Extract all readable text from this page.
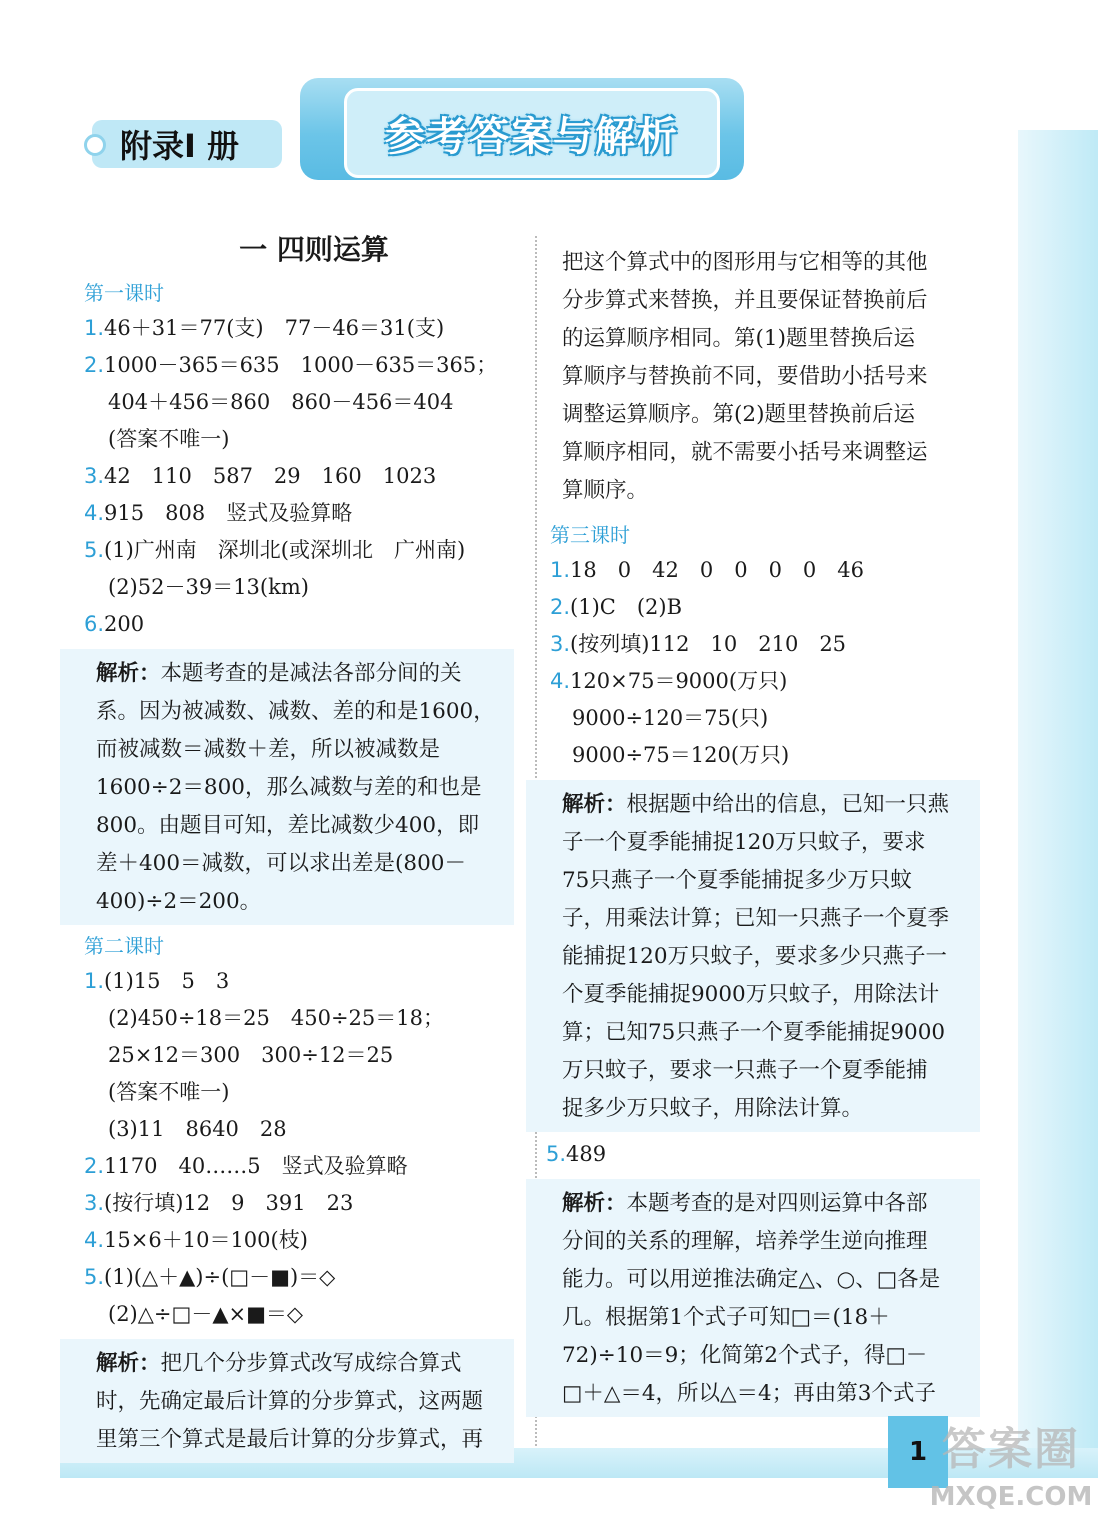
参考答案与解析
附录I 册
一 四则运算
第一课时
1.46＋31＝77(支)　77－46＝31(支)
2.1000－365＝635　1000－635＝365；
404＋456＝860　860－456＝404
(答案不唯一)
3.42　110　587　29　160　1023
4.915　808　竖式及验算略
5.(1)广州南　深圳北(或深圳北　广州南)
(2)52－39＝13(km)
6.200
解析：本题考查的是减法各部分间的关
系。因为被减数、减数、差的和是1600，
而被减数＝减数＋差，所以被减数是
1600÷2＝800，那么减数与差的和也是
800。由题目可知，差比减数少400，即
差＋400＝减数，可以求出差是(800－
400)÷2＝200。
第二课时
1.(1)15　5　3
(2)450÷18＝25　450÷25＝18；
25×12＝300　300÷12＝25
(答案不唯一)
(3)11　8640　28
2.1170　40……5　竖式及验算略
3.(按行填)12　9　391　23
4.15×6＋10＝100(枝)
5.(1)(△＋▲)÷(□－■)＝◇
(2)△÷□－▲×■＝◇
解析：把几个分步算式改写成综合算式
时，先确定最后计算的分步算式，这两题
里第三个算式是最后计算的分步算式，再
把这个算式中的图形用与它相等的其他
分步算式来替换，并且要保证替换前后
的运算顺序相同。第(1)题里替换后运
算顺序与替换前不同，要借助小括号来
调整运算顺序。第(2)题里替换前后运
算顺序相同，就不需要小括号来调整运
算顺序。
第三课时
1.18　0　42　0　0　0　0　46
2.(1)C　(2)B
3.(按列填)112　10　210　25
4.120×75＝9000(万只)
9000÷120＝75(只)
9000÷75＝120(万只)
解析：根据题中给出的信息，已知一只燕
子一个夏季能捕捉120万只蚊子，要求
75只燕子一个夏季能捕捉多少万只蚊
子，用乘法计算；已知一只燕子一个夏季
能捕捉120万只蚊子，要求多少只燕子一
个夏季能捕捉9000万只蚊子，用除法计
算；已知75只燕子一个夏季能捕捉9000
万只蚊子，要求一只燕子一个夏季能捕
捉多少万只蚊子，用除法计算。
5.489
解析：本题考查的是对四则运算中各部
分间的关系的理解，培养学生逆向推理
能力。可以用逆推法确定△、○、□各是
几。根据第1个式子可知□＝(18＋
72)÷10＝9；化简第2个式子，得□－
□＋△＝4，所以△＝4；再由第3个式子
1 答案圈
MXQE.COM
